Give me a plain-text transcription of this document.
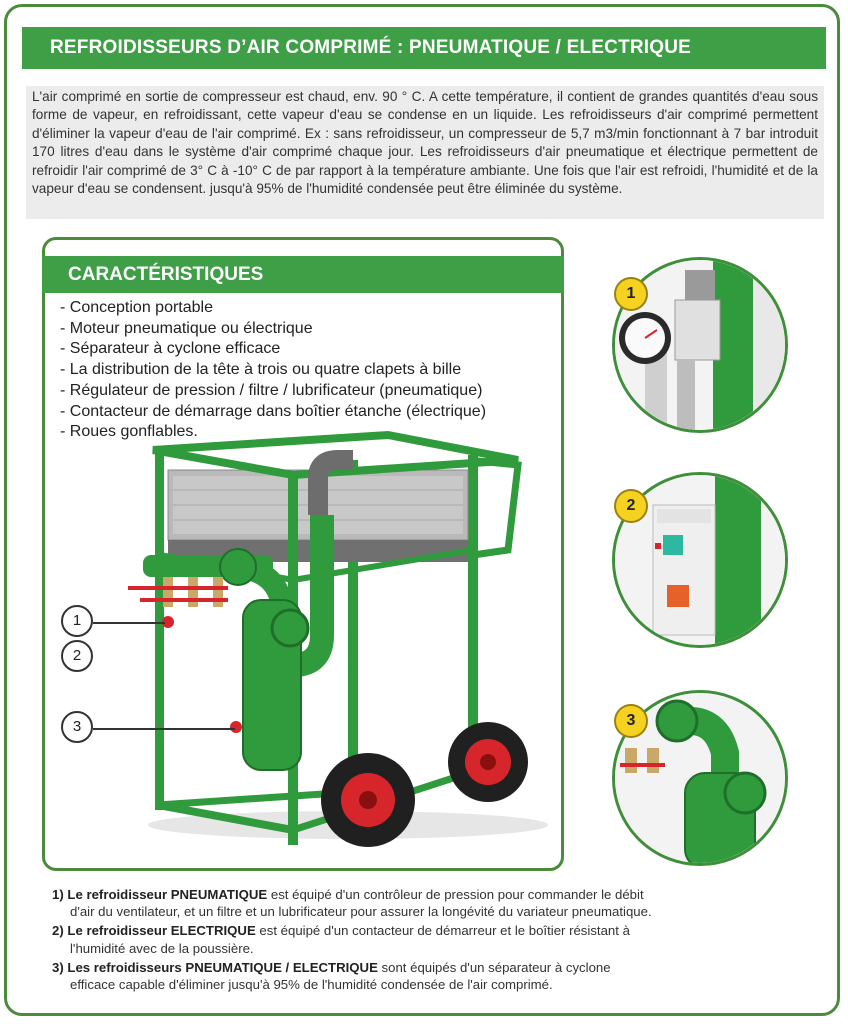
REFROIDISSEURS D’AIR COMPRIMÉ : PNEUMATIQUE / ELECTRIQUE
L'air comprimé en sortie de compresseur est chaud, env. 90 ° C. A cette température, il contient de grandes quantités d'eau sous forme de vapeur, en refroidissant, cette vapeur d'eau se condense en un liquide. Les refroidisseurs d'air comprimé permettent d'éliminer la vapeur d'eau de l'air comprimé. Ex : sans refroidisseur, un compresseur de 5,7 m3/min fonctionnant à 7 bar introduit 170 litres d'eau dans le système d'air comprimé chaque jour. Les refroidisseurs d'air pneumatique et électrique permettent de refroidir l'air comprimé de 3° C à -10° C de par rapport à la température ambiante. Une fois que l'air est refroidi, l'humidité et de la vapeur d'eau se condensent. jusqu'à 95% de l'humidité condensée peut être éliminée du système.
CARACTÉRISTIQUES
- Conception portable
- Moteur pneumatique ou électrique
- Séparateur à cyclone efficace
- La distribution de la tête à trois ou quatre clapets à bille
- Régulateur de pression / filtre / lubrificateur (pneumatique)
- Contacteur de démarrage dans boîtier étanche (électrique)
- Roues gonflables.
1
2
3
1
2
3

1) Le refroidisseur PNEUMATIQUE est équipé d'un contrôleur de pression pour commander le débit
d'air du ventilateur, et un filtre et un lubrificateur pour assurer la longévité du variateur pneumatique.

2) Le refroidisseur ELECTRIQUE est équipé d'un contacteur de démarreur et le boîtier résistant à
l'humidité avec de la poussière.

3) Les refroidisseurs PNEUMATIQUE / ELECTRIQUE sont équipés d'un séparateur à cyclone
efficace capable d'éliminer jusqu'à 95% de l'humidité condensée de l'air comprimé.
